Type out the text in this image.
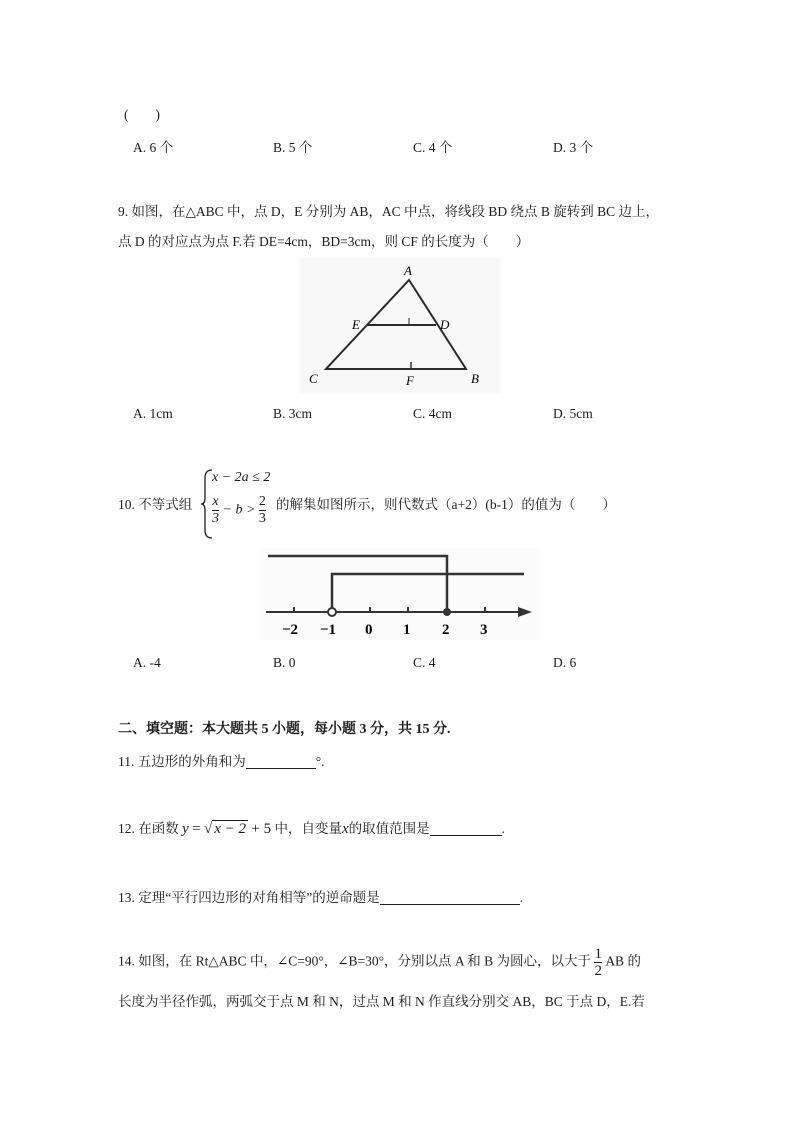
(　　)
A. 6 个	B. 5 个	C. 4 个	D. 3 个
9. 如图，在△ABC 中，点 D，E 分别为 AB，AC 中点，将线段 BD 绕点 B 旋转到 BC 边上，
点 D 的对应点为点 F.若 DE=4cm，BD=3cm，则 CF 的长度为（　　）
A
E	D
C	F	B
A. 1cm	B. 3cm	C. 4cm	D. 5cm
10. 不等式组
x − 2a ≤ 2
$\frac{x}{3} - b > \frac{2}{3}$ 的解集如图所示，则代数式（a+2）(b-1）的值为（　　）
−2 −1 0 1 2 3
A. -4	B. 0	C. 4	D. 6
二、填空题：本大题共 5 小题，每小题 3 分，共 15 分.
11. 五边形的外角和为	°.
12. 在函数 y = √ x − 2 + 5 中，自变量x的取值范围是	.
13. 定理“平行四边形的对角相等”的逆命题是	.
14. 如图，在 Rt△ABC 中，∠C=90°，∠B=30°，分别以点 A 和 B 为圆心，以大于 $\frac{1}{2}$ AB 的
长度为半径作弧，两弧交于点 M 和 N，过点 M 和 N 作直线分别交 AB，BC 于点 D，E.若
